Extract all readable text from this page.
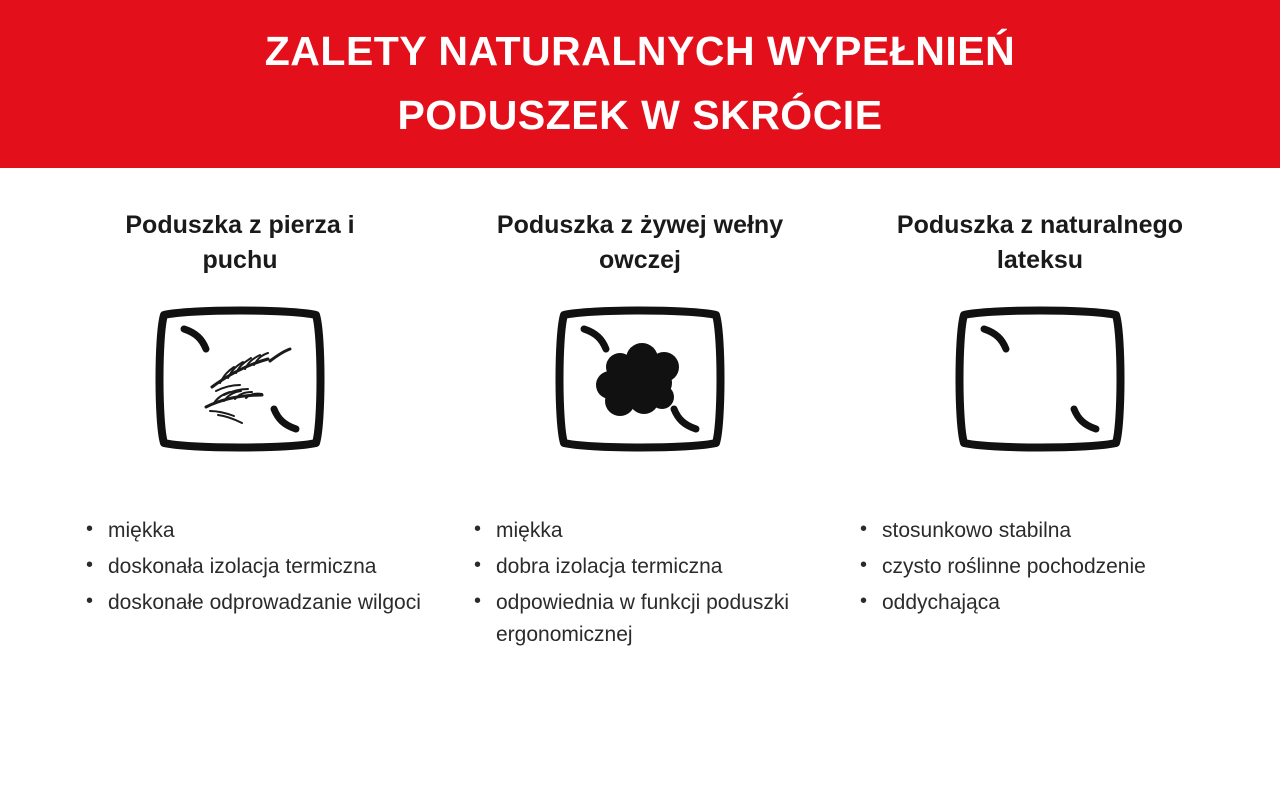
ZALETY NATURALNYCH WYPEŁNIEŃ
PODUSZEK W SKRÓCIE
Poduszka z pierza i puchu
• miękka
• doskonała izolacja termiczna
• doskonałe odprowadzanie wilgoci
Poduszka z żywej wełny owczej
• miękka
• dobra izolacja termiczna
• odpowiednia w funkcji poduszki ergonomicznej
Poduszka z naturalnego lateksu
• stosunkowo stabilna
• czysto roślinne pochodzenie
• oddychająca
